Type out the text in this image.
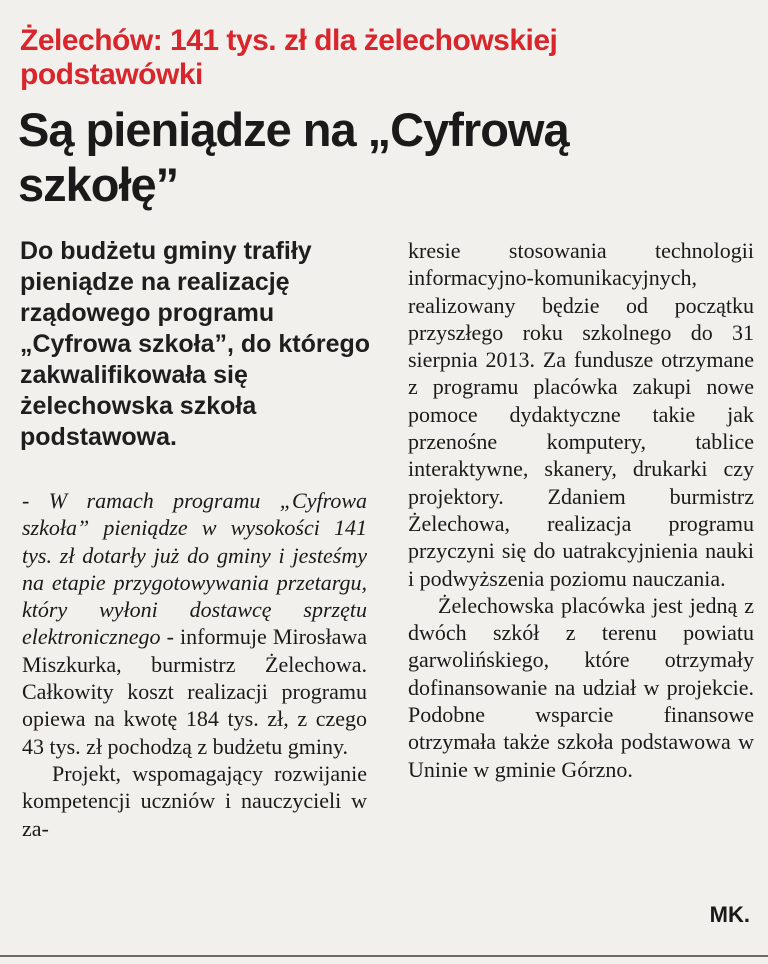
Żelechów: 141 tys. zł dla żelechowskiej podstawówki
Są pieniądze na „Cyfrową szkołę”
Do budżetu gminy trafiły pieniądze na realizację rządowego programu „Cyfrowa szkoła”, do którego zakwalifikowała się żelechowska szkoła podstawowa.

- W ramach programu „Cyfrowa szkoła” pieniądze w wysokości 141 tys. zł dotarły już do gminy i jesteśmy na etapie przygotowywania przetargu, który wyłoni dostawcę sprzętu elektronicznego - informuje Mirosława Miszkurka, burmistrz Żelechowa. Całkowity koszt realizacji programu opiewa na kwotę 184 tys. zł, z czego 43 tys. zł pochodzą z budżetu gminy.

Projekt, wspomagający rozwijanie kompetencji uczniów i nauczycieli w za-

kresie stosowania technologii informacyjno-komunikacyjnych, realizowany będzie od początku przyszłego roku szkolnego do 31 sierpnia 2013. Za fundusze otrzymane z programu placówka zakupi nowe pomoce dydaktyczne takie jak przenośne komputery, tablice interaktywne, skanery, drukarki czy projektory. Zdaniem burmistrz Żelechowa, realizacja programu przyczyni się do uatrakcyjnienia nauki i podwyższenia poziomu nauczania.

Żelechowska placówka jest jedną z dwóch szkół z terenu powiatu garwolińskiego, które otrzymały dofinansowanie na udział w projekcie. Podobne wsparcie finansowe otrzymała także szkoła podstawowa w Uninie w gminie Górzno.

MK.
